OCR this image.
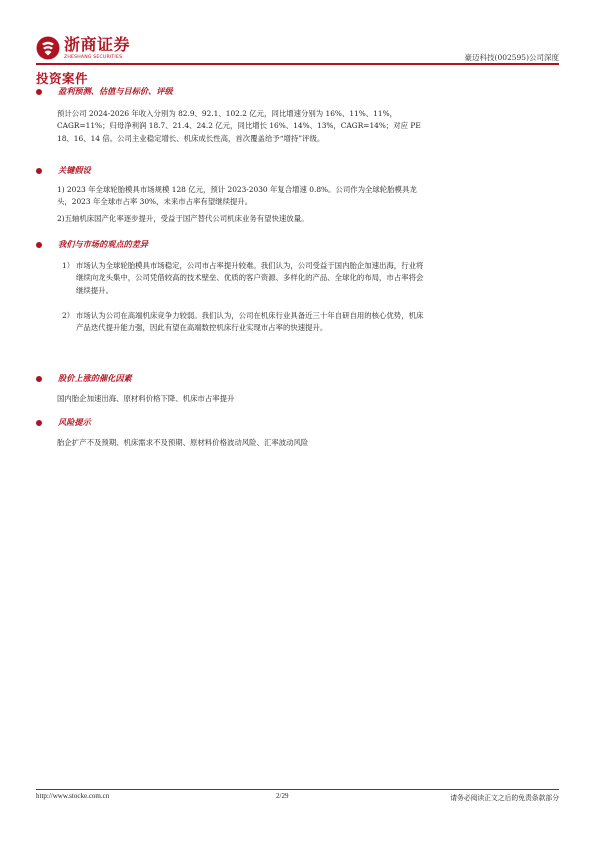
浙商证券
ZHESHANG SECURITIES	豪迈科技(002595)公司深度
投资案件
盈利预测、估值与目标价、评级

预计公司 2024-2026 年收入分别为 82.9、92.1、102.2 亿元，同比增速分别为 16%、11%、11%，CAGR=11%；归母净利润 18.7、21.4、24.2 亿元，同比增长 16%、14%、13%，CAGR=14%；对应 PE 18、16、14 倍。公司主业稳定增长、机床成长性高，首次覆盖给予“增持”评级。

关键假设

1) 2023 年全球轮胎模具市场规模 128 亿元，预计 2023-2030 年复合增速 0.8%。公司作为全球轮胎模具龙头，2023 年全球市占率 30%，未来市占率有望继续提升。

2)五轴机床国产化率逐步提升，受益于国产替代公司机床业务有望快速放量。

我们与市场的观点的差异
1） 市场认为全球轮胎模具市场稳定，公司市占率提升较难。我们认为，公司受益于国内胎企加速出海，行业将继续向龙头集中，公司凭借较高的技术壁垒、优质的客户资源、多样化的产品、全球化的布局，市占率将会继续提升。
2） 市场认为公司在高端机床竞争力较弱。我们认为，公司在机床行业具备近三十年自研自用的核心优势，机床产品迭代提升能力强，因此有望在高端数控机床行业实现市占率的快速提升。
股价上涨的催化因素

国内胎企加速出海、原材料价格下降、机床市占率提升

风险提示

胎企扩产不及预期、机床需求不及预期、原材料价格波动风险、汇率波动风险

http://www.stocke.com.cn	2/29	请务必阅读正文之后的免责条款部分
